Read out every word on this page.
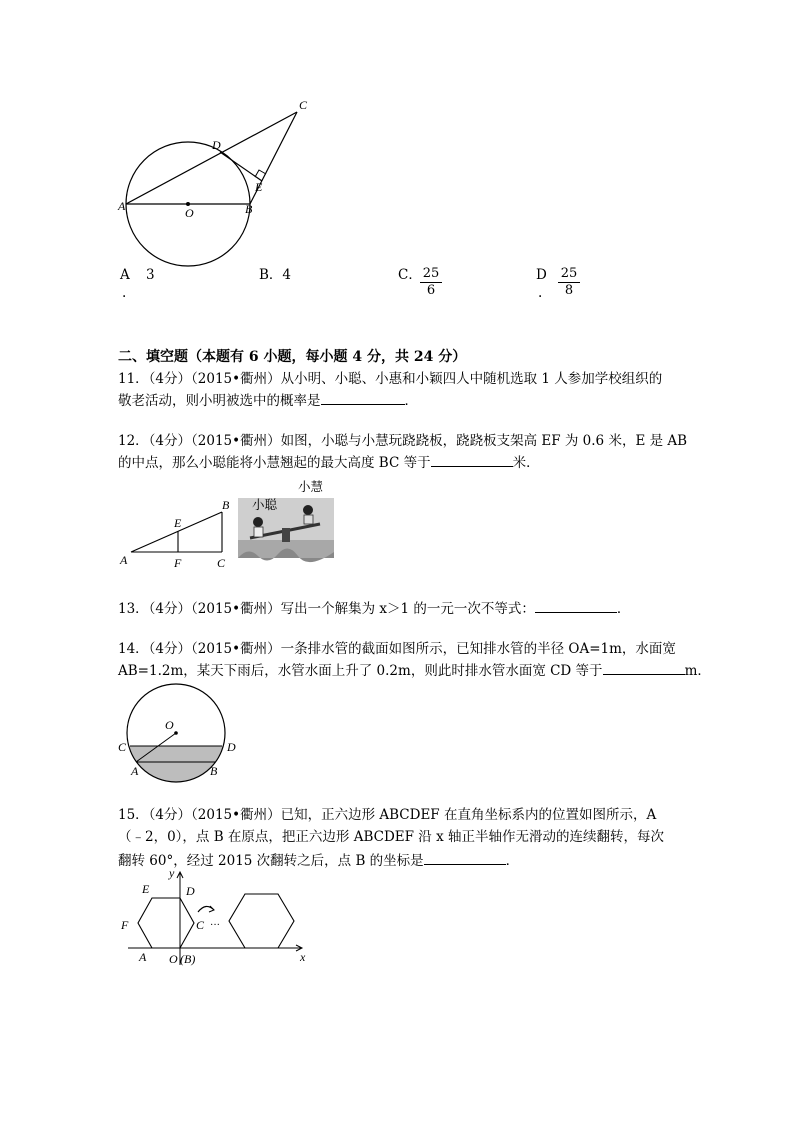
C
D
E
A	O	B
A 3
.
B．4	C．
$\frac{25}{6}$	D
. $\frac{25}{8}$
二、填空题（本题有 6 小题，每小题 4 分，共 24 分）
11．（4分）（2015•衢州）从小明、小聪、小惠和小颖四人中随机选取 1 人参加学校组织的
敬老活动，则小明被选中的概率是	．
12．（4分）（2015•衢州）如图，小聪与小慧玩跷跷板，跷跷板支架高 EF 为 0.6 米，E 是 AB
的中点，那么小聪能将小慧翘起的最大高度 BC 等于	米．
B
E
A	F	C
小聪
小慧
13．（4分）（2015•衢州）写出一个解集为 x＞1 的一元一次不等式：	．
14．（4分）（2015•衢州）一条排水管的截面如图所示，已知排水管的半径 OA=1m，水面宽
AB=1.2m，某天下雨后，水管水面上升了 0.2m，则此时排水管水面宽 CD 等于	m．
O
C	D
A	B
15．（4分）（2015•衢州）已知，正六边形 ABCDEF 在直角坐标系内的位置如图所示，A
（﹣2，0），点 B 在原点，把正六边形 ABCDEF 沿 x 轴正半轴作无滑动的连续翻转，每次
翻转 60°，经过 2015 次翻转之后，点 B 的坐标是	．
y
E	D
F	C ···
A O (B)	x
